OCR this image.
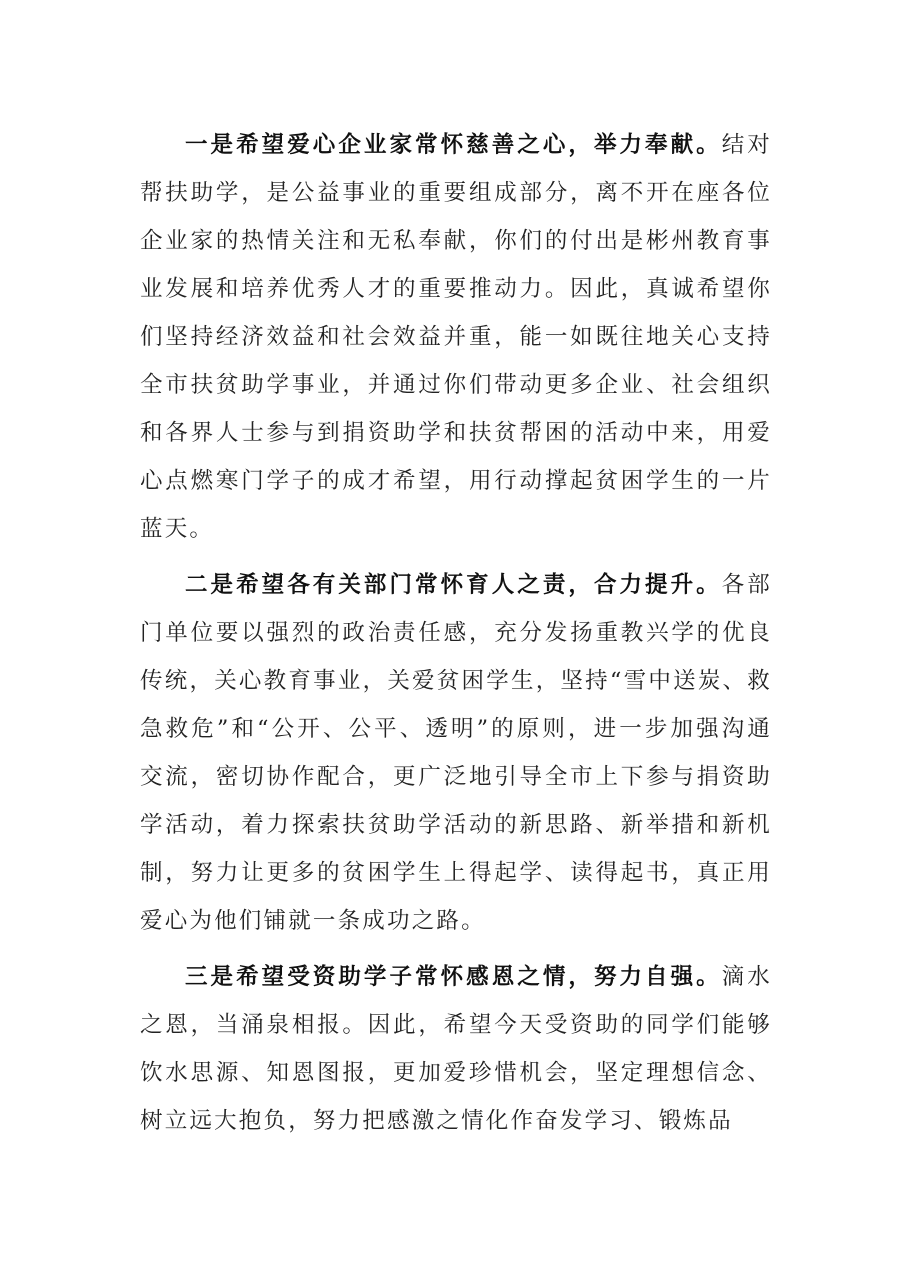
一是希望爱心企业家常怀慈善之心，举力奉献。结对帮扶助学，是公益事业的重要组成部分，离不开在座各位企业家的热情关注和无私奉献，你们的付出是彬州教育事业发展和培养优秀人才的重要推动力。因此，真诚希望你们坚持经济效益和社会效益并重，能一如既往地关心支持全市扶贫助学事业，并通过你们带动更多企业、社会组织和各界人士参与到捐资助学和扶贫帮困的活动中来，用爱心点燃寒门学子的成才希望，用行动撑起贫困学生的一片蓝天。

二是希望各有关部门常怀育人之责，合力提升。各部门单位要以强烈的政治责任感，充分发扬重教兴学的优良传统，关心教育事业，关爱贫困学生，坚持“雪中送炭、救急救危”和“公开、公平、透明”的原则，进一步加强沟通交流，密切协作配合，更广泛地引导全市上下参与捐资助学活动，着力探索扶贫助学活动的新思路、新举措和新机制，努力让更多的贫困学生上得起学、读得起书，真正用爱心为他们铺就一条成功之路。

三是希望受资助学子常怀感恩之情，努力自强。滴水之恩，当涌泉相报。因此，希望今天受资助的同学们能够饮水思源、知恩图报，更加爱珍惜机会，坚定理想信念、树立远大抱负，努力把感激之情化作奋发学习、锻炼品
